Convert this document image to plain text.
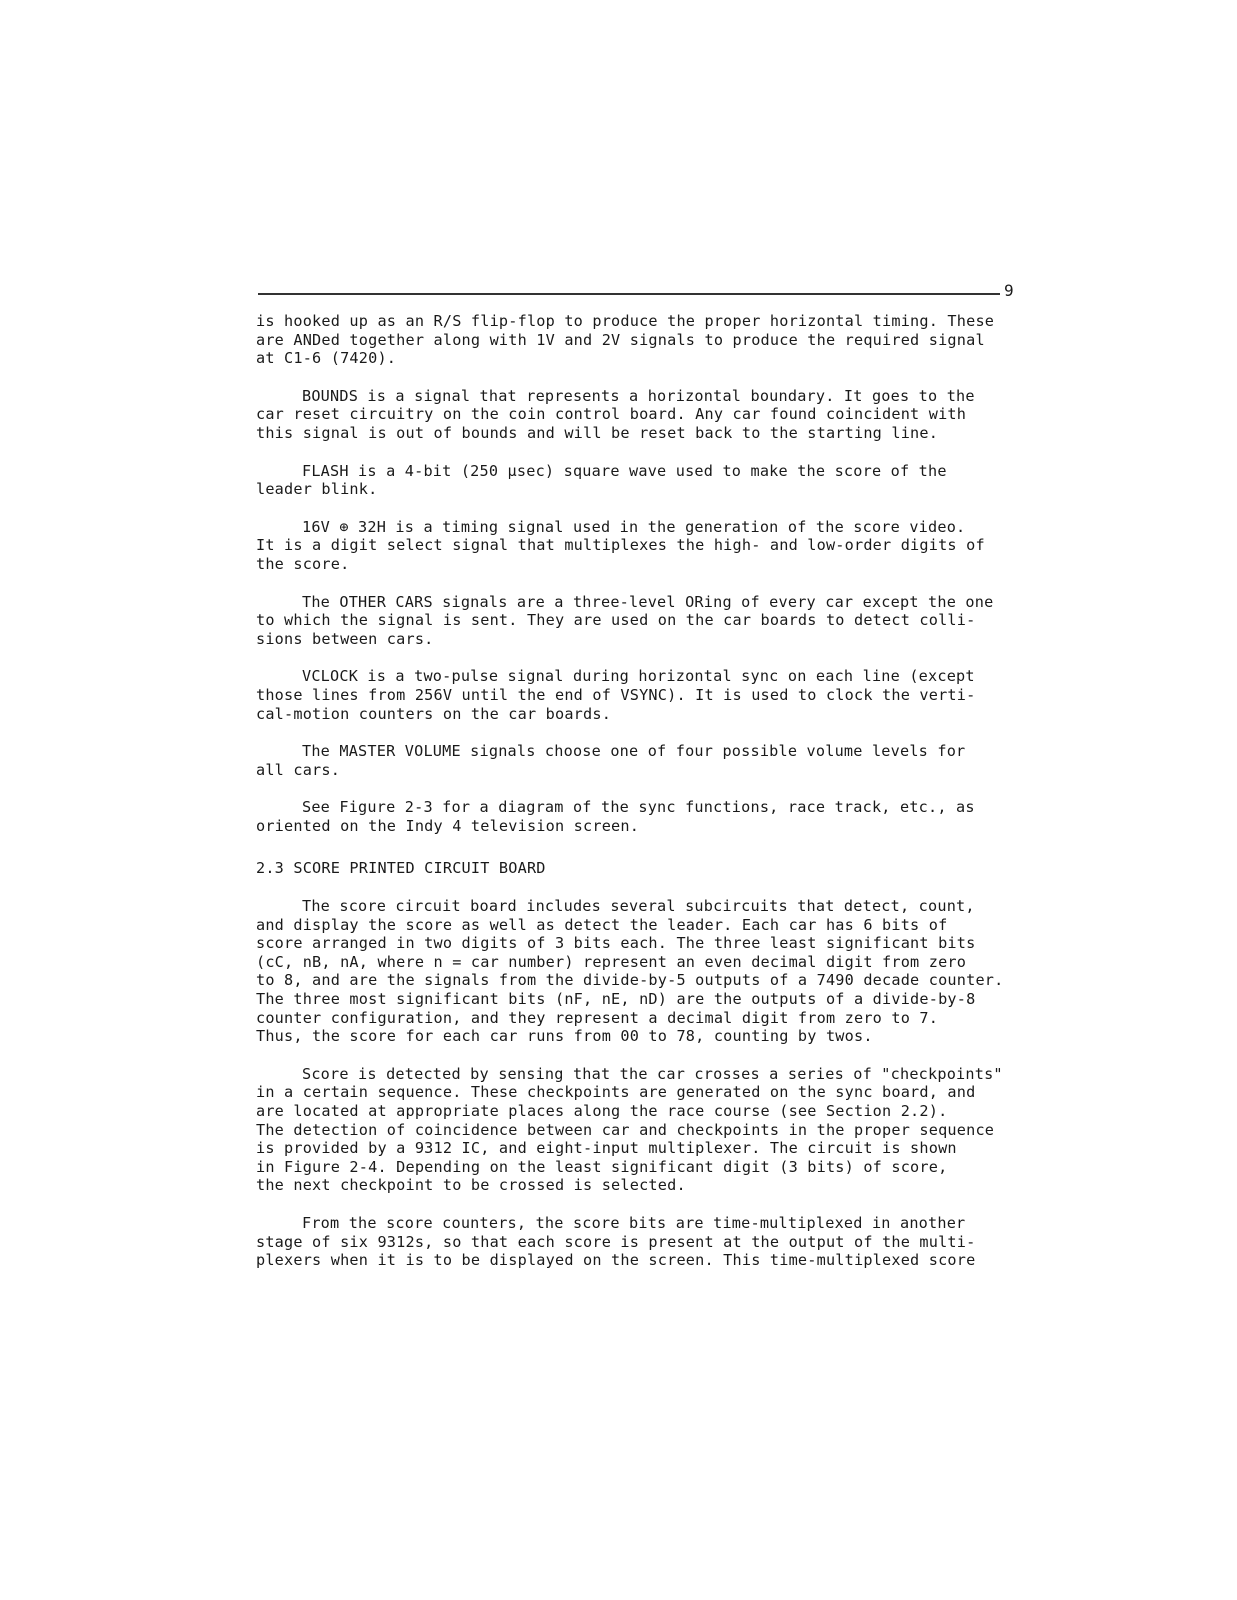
9

is hooked up as an R/S flip-flop to produce the proper horizontal timing. These
are ANDed together along with 1V and 2V signals to produce the required signal
at C1-6 (7420).

BOUNDS is a signal that represents a horizontal boundary. It goes to the
car reset circuitry on the coin control board. Any car found coincident with
this signal is out of bounds and will be reset back to the starting line.

FLASH is a 4-bit (250 µsec) square wave used to make the score of the
leader blink.

16V ⊕ 32H is a timing signal used in the generation of the score video.
It is a digit select signal that multiplexes the high- and low-order digits of
the score.

The OTHER CARS signals are a three-level ORing of every car except the one
to which the signal is sent. They are used on the car boards to detect colli-
sions between cars.

VCLOCK is a two-pulse signal during horizontal sync on each line (except
those lines from 256V until the end of VSYNC). It is used to clock the verti-
cal-motion counters on the car boards.

The MASTER VOLUME signals choose one of four possible volume levels for
all cars.

See Figure 2-3 for a diagram of the sync functions, race track, etc., as
oriented on the Indy 4 television screen.

2.3 SCORE PRINTED CIRCUIT BOARD

The score circuit board includes several subcircuits that detect, count,
and display the score as well as detect the leader. Each car has 6 bits of
score arranged in two digits of 3 bits each. The three least significant bits
(cC, nB, nA, where n = car number) represent an even decimal digit from zero
to 8, and are the signals from the divide-by-5 outputs of a 7490 decade counter.
The three most significant bits (nF, nE, nD) are the outputs of a divide-by-8
counter configuration, and they represent a decimal digit from zero to 7.
Thus, the score for each car runs from 00 to 78, counting by twos.

Score is detected by sensing that the car crosses a series of "checkpoints"
in a certain sequence. These checkpoints are generated on the sync board, and
are located at appropriate places along the race course (see Section 2.2).
The detection of coincidence between car and checkpoints in the proper sequence
is provided by a 9312 IC, and eight-input multiplexer. The circuit is shown
in Figure 2-4. Depending on the least significant digit (3 bits) of score,
the next checkpoint to be crossed is selected.

From the score counters, the score bits are time-multiplexed in another
stage of six 9312s, so that each score is present at the output of the multi-
plexers when it is to be displayed on the screen. This time-multiplexed score
